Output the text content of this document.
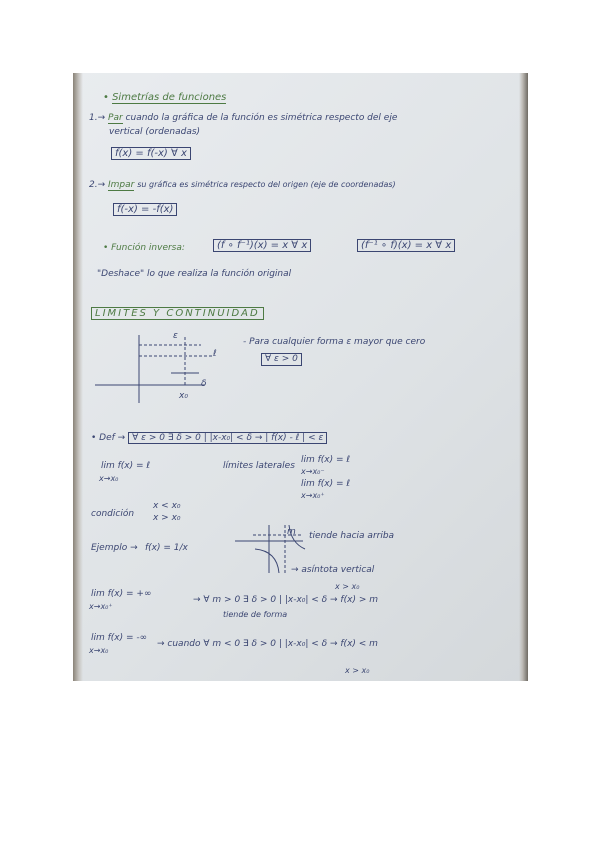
• Simetrías de funciones
1.→ Par cuando la gráfica de la función es simétrica respecto del eje
vertical (ordenadas)
f(x) = f(-x) ∀ x
2.→ Impar su gráfica es simétrica respecto del origen (eje de coordenadas)
f(-x) = -f(x)
• Función inversa:	(f ∘ f⁻¹)(x) = x ∀ x	(f⁻¹ ∘ f)(x) = x ∀ x
"Deshace" lo que realiza la función original
LIMITES Y CONTINUIDAD
ε
ℓ
x₀
δ
- Para cualquier forma ε mayor que cero
∀ ε > 0
• Def → ∀ ε > 0 ∃ δ > 0 | |x-x₀| < δ → | f(x) - ℓ | < ε
lim f(x) = ℓ
x→x₀
límites laterales
lim f(x) = ℓ
x→x₀⁻
lim f(x) = ℓ
x→x₀⁺
condición
x < x₀
x > x₀
Ejemplo → f(x) = 1/x
m tiende hacia arriba
→ asíntota vertical
lim f(x) = +∞
x→x₀⁺
→ ∀ m > 0 ∃ δ > 0 | |x-x₀| < δ → f(x) > m
x > x₀
tiende de forma
lim f(x) = -∞
x→x₀
→ cuando ∀ m < 0 ∃ δ > 0 | |x-x₀| < δ → f(x) < m
x > x₀
